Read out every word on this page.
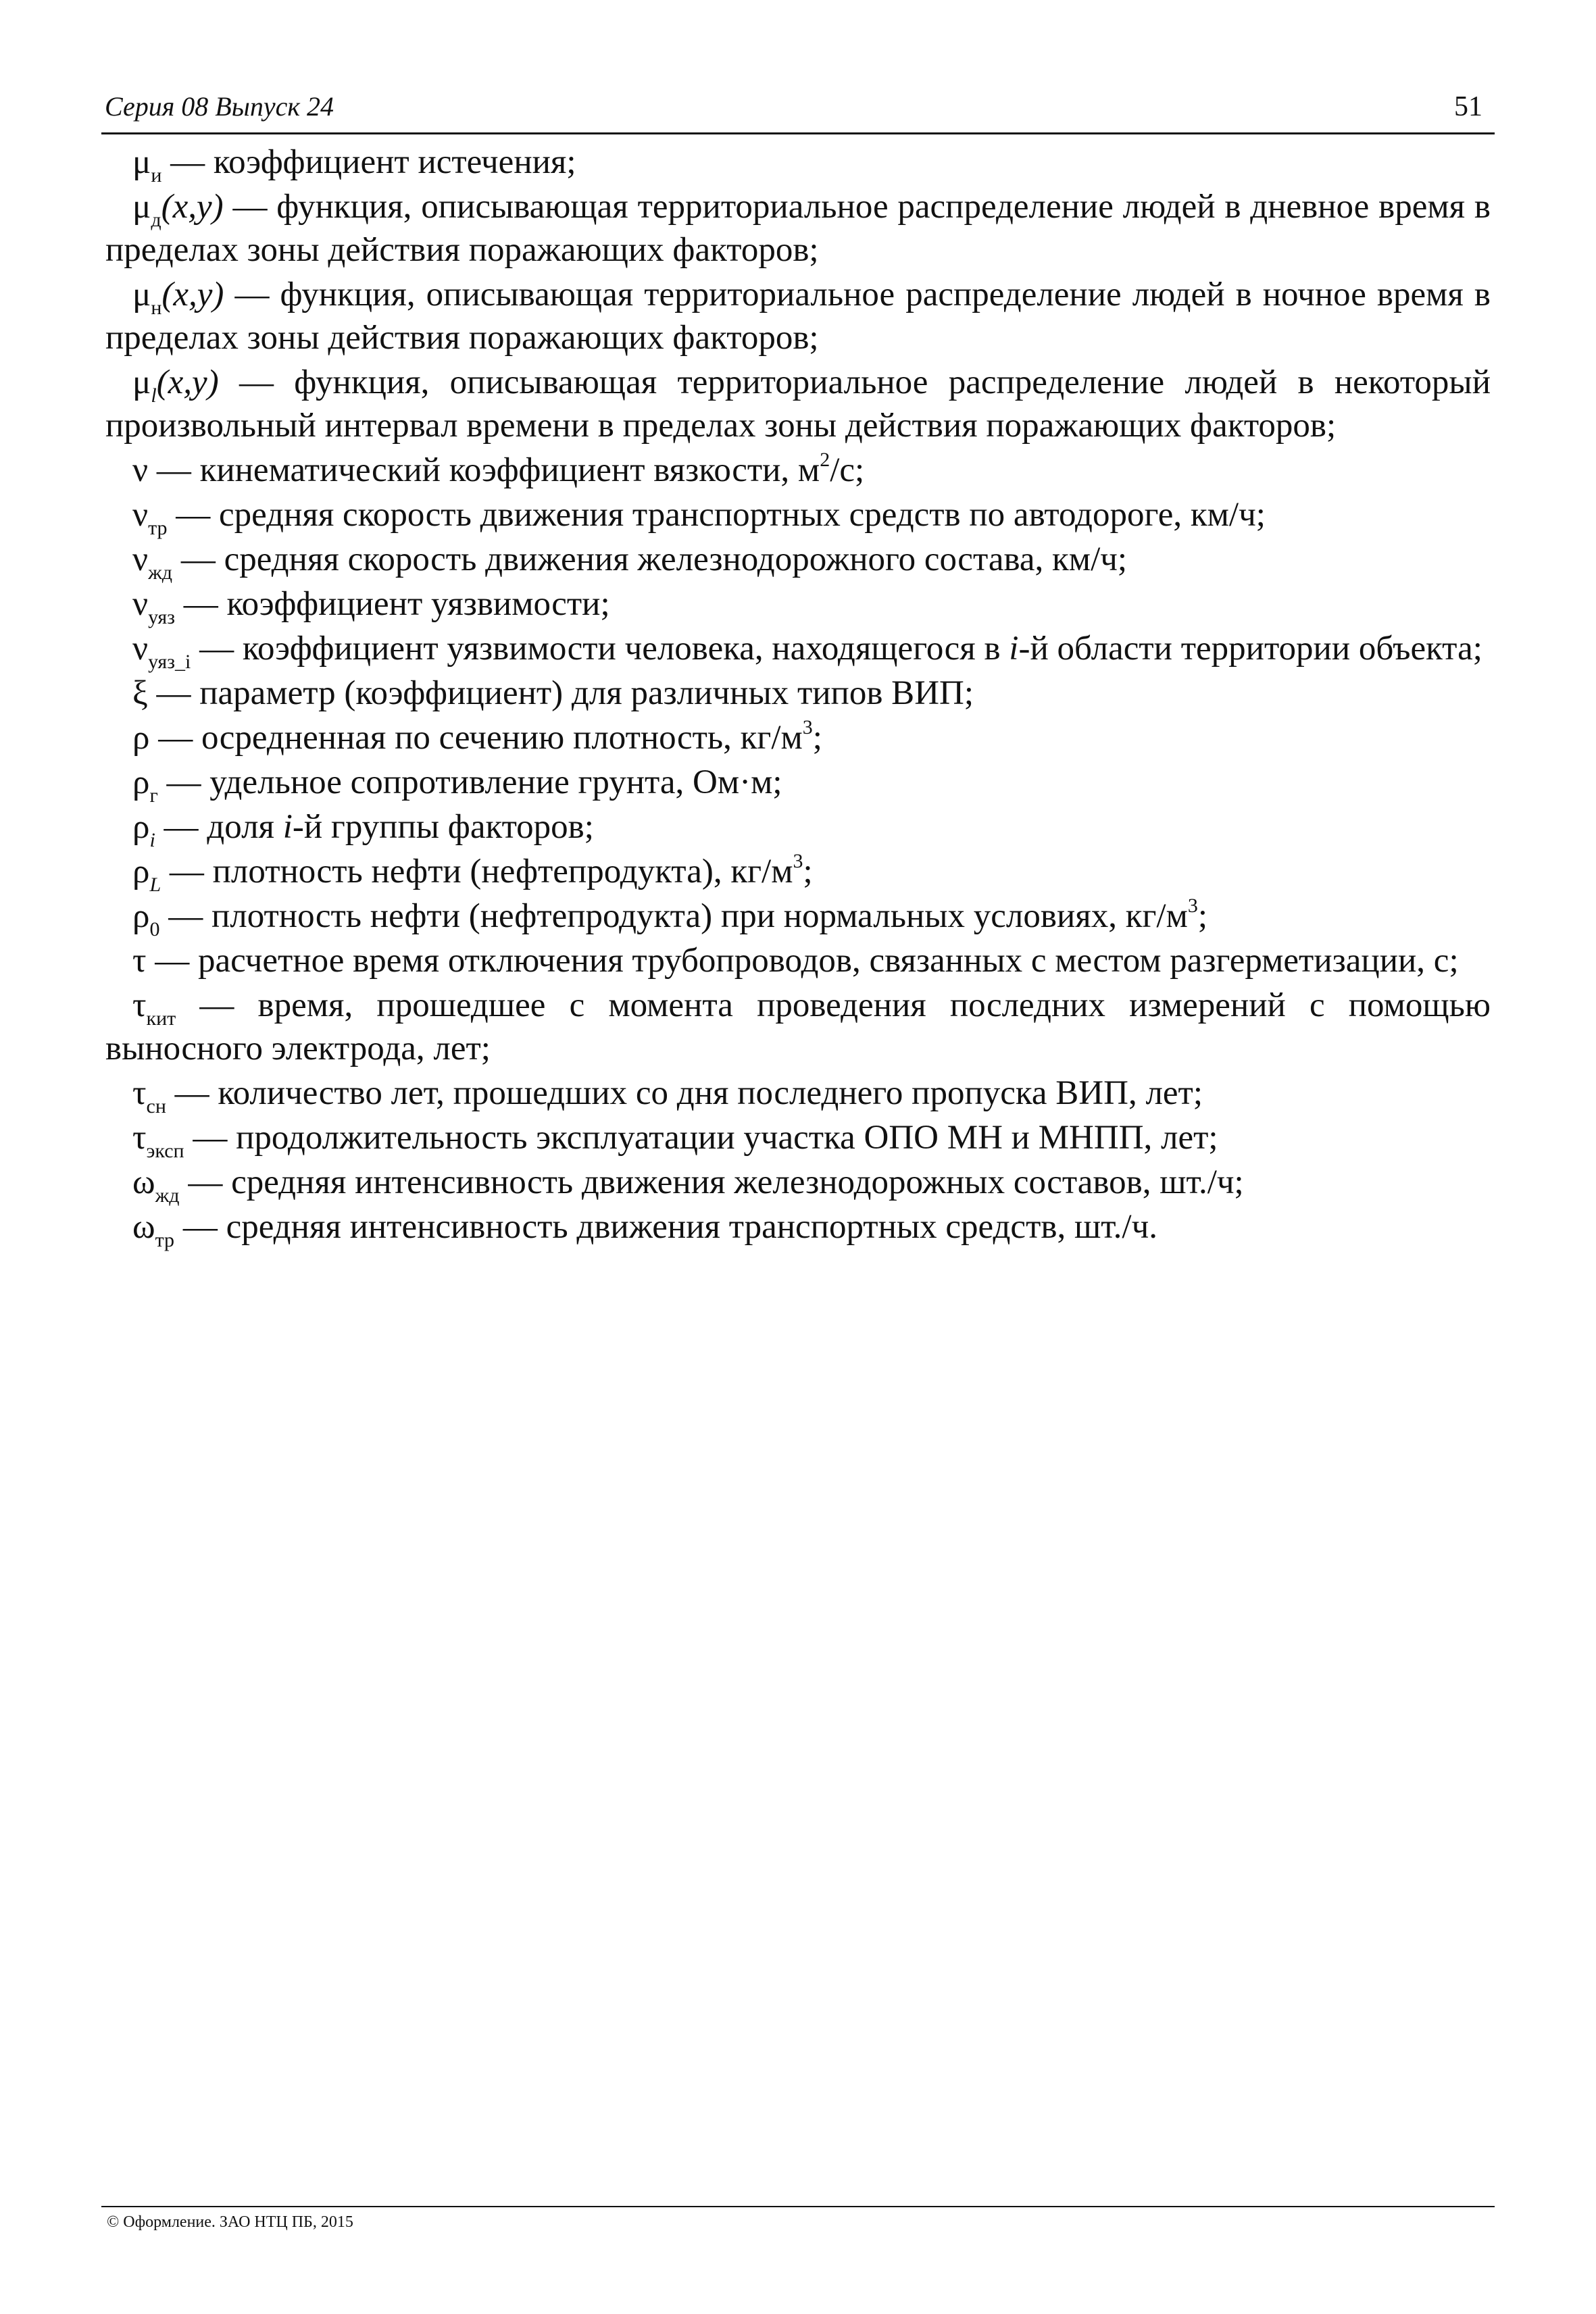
Серия 08 Выпуск 24	51

$\mu_и$ — коэффициент истечения;

$\mu_д(x,y)$ — функция, описывающая территориальное распределение людей в дневное время в пределах зоны действия поражающих факторов;

$\mu_н(x,y)$ — функция, описывающая территориальное распределение людей в ночное время в пределах зоны действия поражающих факторов;

$\mu_l(x,y)$ — функция, описывающая территориальное распределение людей в некоторый произвольный интервал времени в пределах зоны действия поражающих факторов;

ν — кинематический коэффициент вязкости, $м^2/с$;

$\nu_{тр}$ — средняя скорость движения транспортных средств по автодороге, км/ч;

$\nu_{жд}$ — средняя скорость движения железнодорожного состава, км/ч;

$\nu_{уяз}$ — коэффициент уязвимости;

$\nu_{уяз\_i}$ — коэффициент уязвимости человека, находящегося в i-й области территории объекта;

ξ — параметр (коэффициент) для различных типов ВИП;

ρ — осредненная по сечению плотность, $кг/м^3$;

$\rho_г$ — удельное сопротивление грунта, Ом·м;

$\rho_i$ — доля i-й группы факторов;

$\rho_L$ — плотность нефти (нефтепродукта), $кг/м^3$;

$\rho_0$ — плотность нефти (нефтепродукта) при нормальных условиях, $кг/м^3$;

τ — расчетное время отключения трубопроводов, связанных с местом разгерметизации, с;

$\tau_{кит}$ — время, прошедшее с момента проведения последних измерений с помощью выносного электрода, лет;

$\tau_{сн}$ — количество лет, прошедших со дня последнего пропуска ВИП, лет;

$\tau_{эксп}$ — продолжительность эксплуатации участка ОПО МН и МНПП, лет;

$\omega_{жд}$ — средняя интенсивность движения железнодорожных составов, шт./ч;

$\omega_{тр}$ — средняя интенсивность движения транспортных средств, шт./ч.

© Оформление. ЗАО НТЦ ПБ, 2015
